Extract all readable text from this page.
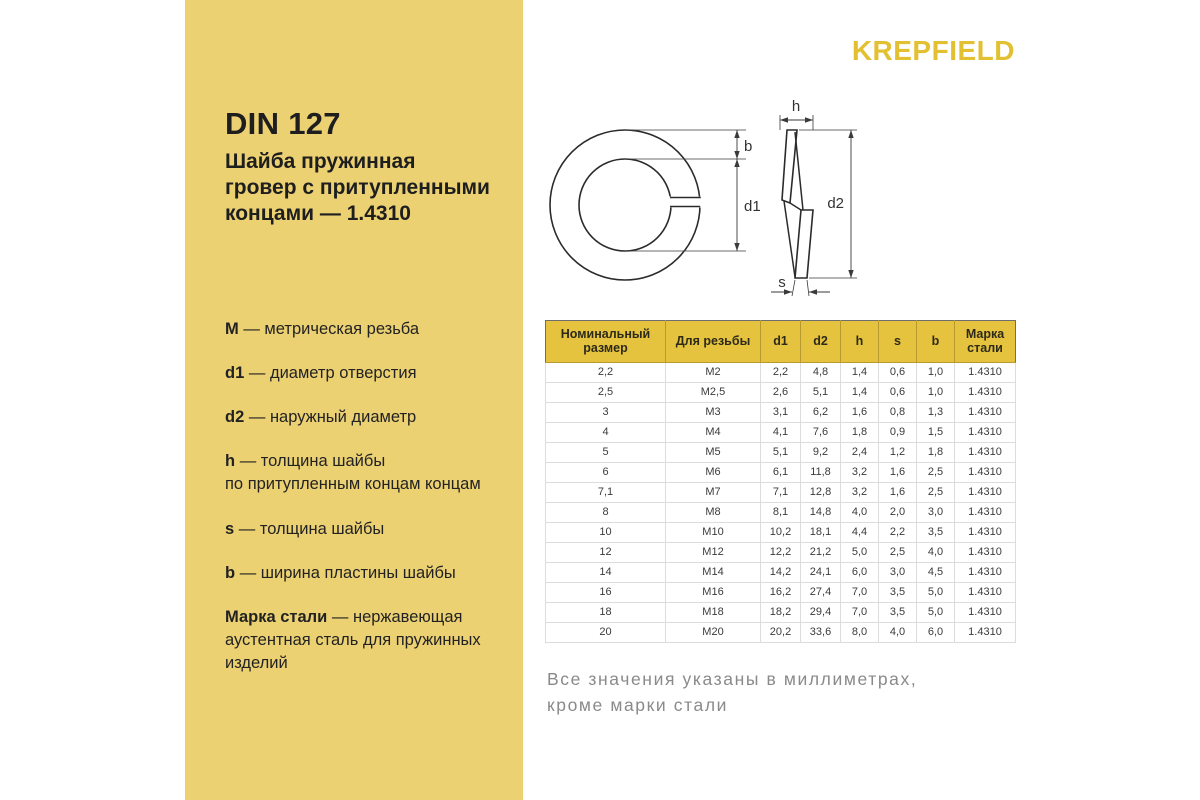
DIN 127
Шайба пружинная
гровер с притупленными
концами — 1.4310
M — метрическая резьба
d1 — диаметр отверстия
d2 — наружный диаметр
h — толщина шайбы
по притупленным концам концам
s — толщина шайбы
b — ширина пластины шайбы
Марка стали — нержавеющая
аустентная сталь для пружинных
изделий
KREPFIELD
b
d1
h
d2
s
Номинальный размер	Для резьбы	d1	d2	h	s	b	Марка стали
2,2	M2	2,2	4,8	1,4	0,6	1,0	1.4310
2,5	M2,5	2,6	5,1	1,4	0,6	1,0	1.4310
3	M3	3,1	6,2	1,6	0,8	1,3	1.4310
4	M4	4,1	7,6	1,8	0,9	1,5	1.4310
5	M5	5,1	9,2	2,4	1,2	1,8	1.4310
6	M6	6,1	11,8	3,2	1,6	2,5	1.4310
7,1	M7	7,1	12,8	3,2	1,6	2,5	1.4310
8	M8	8,1	14,8	4,0	2,0	3,0	1.4310
10	M10	10,2	18,1	4,4	2,2	3,5	1.4310
12	M12	12,2	21,2	5,0	2,5	4,0	1.4310
14	M14	14,2	24,1	6,0	3,0	4,5	1.4310
16	M16	16,2	27,4	7,0	3,5	5,0	1.4310
18	M18	18,2	29,4	7,0	3,5	5,0	1.4310
20	M20	20,2	33,6	8,0	4,0	6,0	1.4310
Все значения указаны в миллиметрах,
кроме марки стали
